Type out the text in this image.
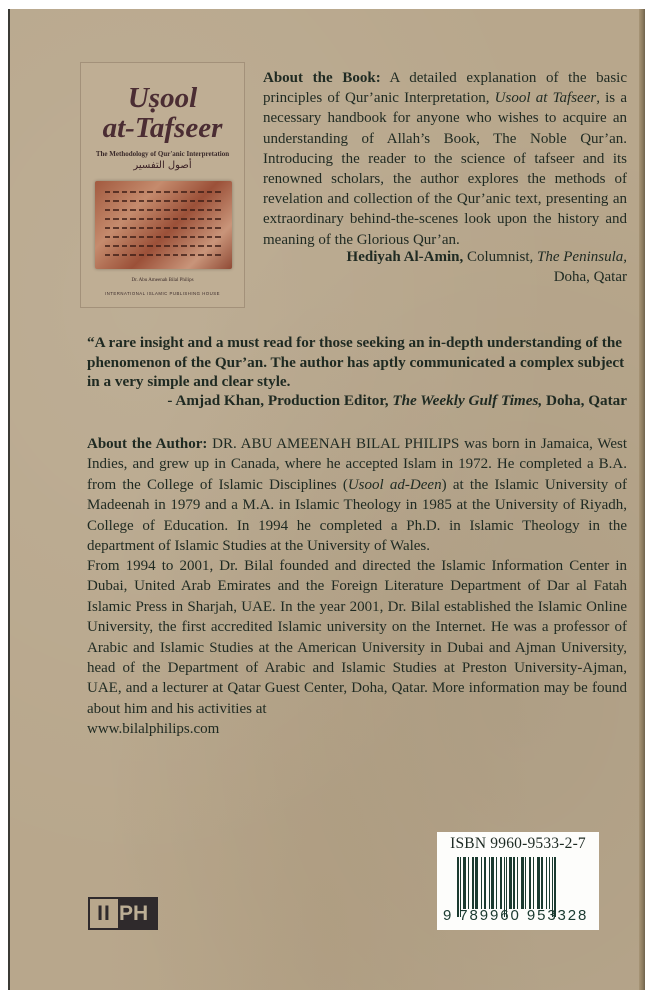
Uṣool
at-Tafseer
The Methodology of Qur'anic Interpretation
أصول التفسير
Dr. Abu Ameenah Bilal Philips
INTERNATIONAL ISLAMIC PUBLISHING HOUSE
About the Book: A detailed explanation of the basic principles of Qur’anic Interpretation, Usool at Tafseer, is a necessary handbook for anyone who wishes to acquire an understanding of Allah’s Book, The Noble Qur’an. Introducing the reader to the science of tafseer and its renowned scholars, the author explores the methods of revelation and collection of the Qur’anic text, presenting an extraordinary behind-the-scenes look upon the history and meaning of the Glorious Qur’an.
Hediyah Al-Amin, Columnist, The Peninsula,
Doha, Qatar
“A rare insight and a must read for those seeking an in-depth understanding of the phenomenon of the Qur’an. The author has aptly communicated a complex subject in a very simple and clear style.
- Amjad Khan, Production Editor, The Weekly Gulf Times, Doha, Qatar
About the Author: DR. ABU AMEENAH BILAL PHILIPS was born in Jamaica, West Indies, and grew up in Canada, where he accepted Islam in 1972. He completed a B.A. from the College of Islamic Disciplines (Usool ad-Deen) at the Islamic University of Madeenah in 1979 and a M.A. in Islamic Theology in 1985 at the University of Riyadh, College of Education. In 1994 he completed a Ph.D. in Islamic Theology in the department of Islamic Studies at the University of Wales.
From 1994 to 2001, Dr. Bilal founded and directed the Islamic Information Center in Dubai, United Arab Emirates and the Foreign Literature Department of Dar al Fatah Islamic Press in Sharjah, UAE. In the year 2001, Dr. Bilal established the Islamic Online University, the first accredited Islamic university on the Internet. He was a professor of Arabic and Islamic Studies at the American University in Dubai and Ajman University, head of the Department of Arabic and Islamic Studies at Preston University-Ajman, UAE, and a lecturer at Qatar Guest Center, Doha, Qatar. More information may be found about him and his activities at
www.bilalphilips.com
ISBN 9960-9533-2-7
9 789960 953328
II PH
